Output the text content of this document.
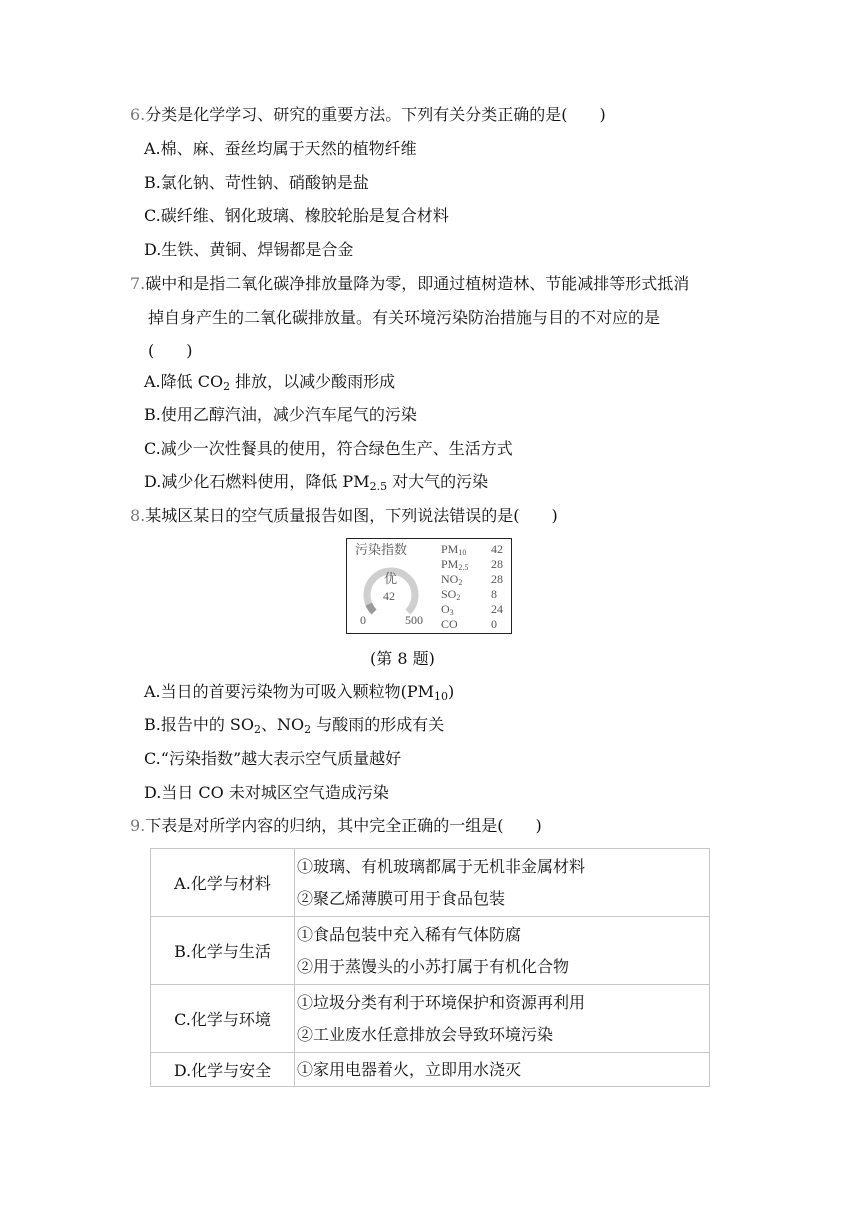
6.分类是化学学习、研究的重要方法。下列有关分类正确的是(　　)
A.棉、麻、蚕丝均属于天然的植物纤维
B.氯化钠、苛性钠、硝酸钠是盐
C.碳纤维、钢化玻璃、橡胶轮胎是复合材料
D.生铁、黄铜、焊锡都是合金
7.碳中和是指二氧化碳净排放量降为零，即通过植树造林、节能减排等形式抵消
掉自身产生的二氧化碳排放量。有关环境污染防治措施与目的不对应的是
(　　)
A.降低 $CO_2$ 排放，以减少酸雨形成
B.使用乙醇汽油，减少汽车尾气的污染
C.减少一次性餐具的使用，符合绿色生产、生活方式
D.减少化石燃料使用，降低 $PM_{2.5}$ 对大气的污染
8.某城区某日的空气质量报告如图，下列说法错误的是(　　)
污染指数
优
42
0	500
$PM_{10}$ 42
$PM_{2.5}$ 28
$NO_2$ 28
$SO_2$	8
$O_3$	24
CO	0
(第 8 题)
A.当日的首要污染物为可吸入颗粒物$(PM_{10})$
B.报告中的 $SO_2$、$NO_2$ 与酸雨的形成有关
C.“污染指数”越大表示空气质量越好
D.当日 CO 未对城区空气造成污染
9.下表是对所学内容的归纳，其中完全正确的一组是(　　)
A.化学与材料	①玻璃、有机玻璃都属于无机非金属材料
②聚乙烯薄膜可用于食品包装

B.化学与生活	①食品包装中充入稀有气体防腐
②用于蒸馒头的小苏打属于有机化合物

C.化学与环境	①垃圾分类有利于环境保护和资源再利用
②工业废水任意排放会导致环境污染

D.化学与安全	①家用电器着火，立即用水浇灭
